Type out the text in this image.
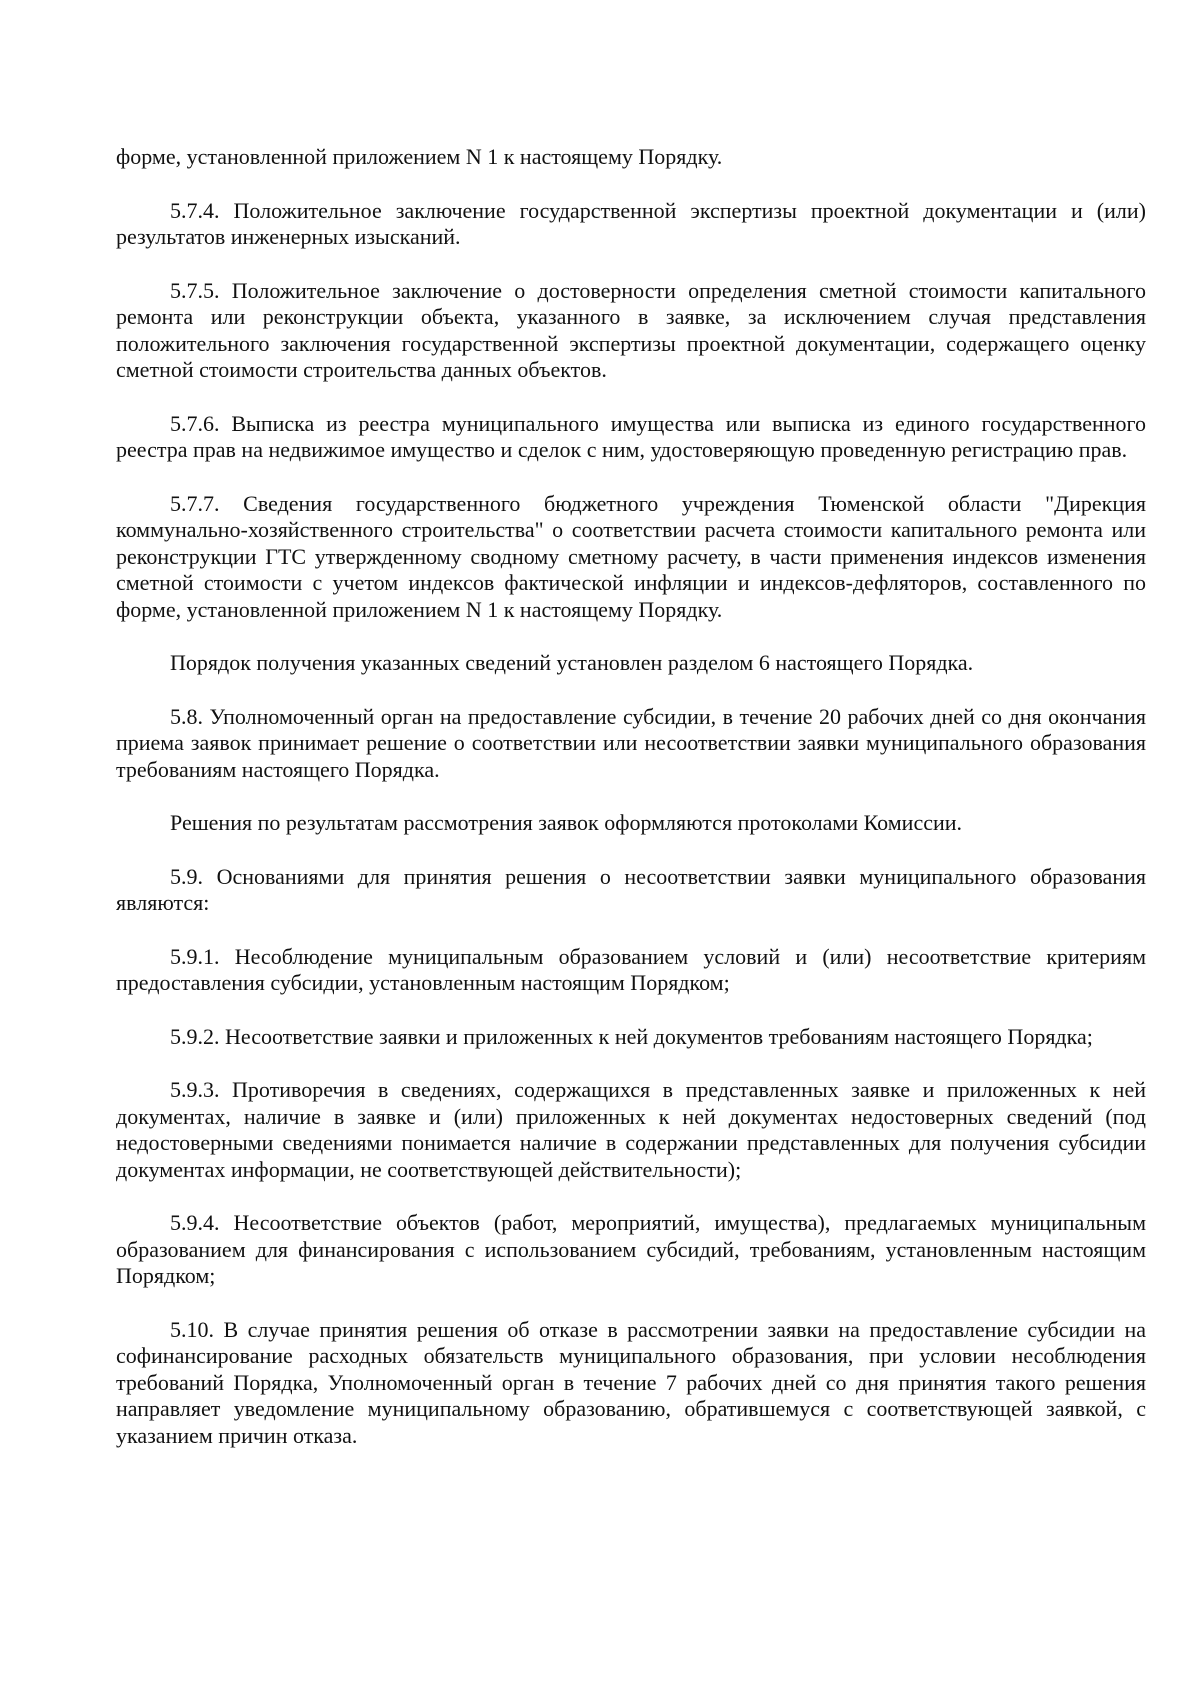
форме, установленной приложением N 1 к настоящему Порядку.

5.7.4. Положительное заключение государственной экспертизы проектной документации и (или) результатов инженерных изысканий.

5.7.5. Положительное заключение о достоверности определения сметной стоимости капитального ремонта или реконструкции объекта, указанного в заявке, за исключением случая представления положительного заключения государственной экспертизы проектной документации, содержащего оценку сметной стоимости строительства данных объектов.

5.7.6. Выписка из реестра муниципального имущества или выписка из единого государственного реестра прав на недвижимое имущество и сделок с ним, удостоверяющую проведенную регистрацию прав.

5.7.7. Сведения государственного бюджетного учреждения Тюменской области "Дирекция коммунально-хозяйственного строительства" о соответствии расчета стоимости капитального ремонта или реконструкции ГТС утвержденному сводному сметному расчету, в части применения индексов изменения сметной стоимости с учетом индексов фактической инфляции и индексов-дефляторов, составленного по форме, установленной приложением N 1 к настоящему Порядку.

Порядок получения указанных сведений установлен разделом 6 настоящего Порядка.

5.8. Уполномоченный орган на предоставление субсидии, в течение 20 рабочих дней со дня окончания приема заявок принимает решение о соответствии или несоответствии заявки муниципального образования требованиям настоящего Порядка.

Решения по результатам рассмотрения заявок оформляются протоколами Комиссии.

5.9. Основаниями для принятия решения о несоответствии заявки муниципального образования являются:

5.9.1. Несоблюдение муниципальным образованием условий и (или) несоответствие критериям предоставления субсидии, установленным настоящим Порядком;

5.9.2. Несоответствие заявки и приложенных к ней документов требованиям настоящего Порядка;

5.9.3. Противоречия в сведениях, содержащихся в представленных заявке и приложенных к ней документах, наличие в заявке и (или) приложенных к ней документах недостоверных сведений (под недостоверными сведениями понимается наличие в содержании представленных для получения субсидии документах информации, не соответствующей действительности);

5.9.4. Несоответствие объектов (работ, мероприятий, имущества), предлагаемых муниципальным образованием для финансирования с использованием субсидий, требованиям, установленным настоящим Порядком;

5.10. В случае принятия решения об отказе в рассмотрении заявки на предоставление субсидии на софинансирование расходных обязательств муниципального образования, при условии несоблюдения требований Порядка, Уполномоченный орган в течение 7 рабочих дней со дня принятия такого решения направляет уведомление муниципальному образованию, обратившемуся с соответствующей заявкой, с указанием причин отказа.
